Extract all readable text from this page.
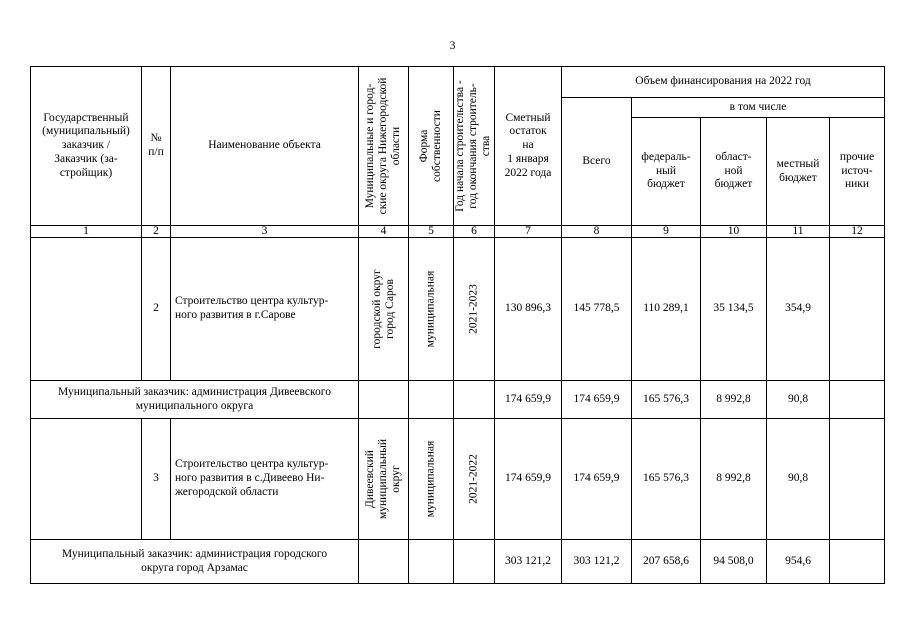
3
Государственный
(муниципальный)
заказчик /
Заказчик (за-
стройщик)	№
п/п	Наименование объекта	Муниципальные и город-
ские округа Нижегородской
области	Форма
собственности	Год начала строительства -
год окончания строитель-
ства	Сметный
остаток
на
1 января
2022 года	Объем финансирования на 2022 год				
							Всего	в том числе			
								федераль-
ный
бюджет	област-
ной
бюджет	местный
бюджет	прочие
источ-
ники
1	2	3	4	5	6	7	8	9	10	11	12
	2	Строительство центра культур-
ного развития в г.Сарове	городской округ
город Саров	муниципальная	2021-2023	130 896,3	145 778,5	110 289,1	35 134,5	354,9	
Муниципальный заказчик: администрация Дивеевского
муниципального округа						174 659,9	174 659,9	165 576,3	8 992,8	90,8	
	3	Строительство центра культур-
ного развития в с.Дивеево Ни-
жегородской области	Дивеевский
муниципальный
округ	муниципальная	2021-2022	174 659,9	174 659,9	165 576,3	8 992,8	90,8	
Муниципальный заказчик: администрация городского
округа город Арзамас						303 121,2	303 121,2	207 658,6	94 508,0	954,6	
